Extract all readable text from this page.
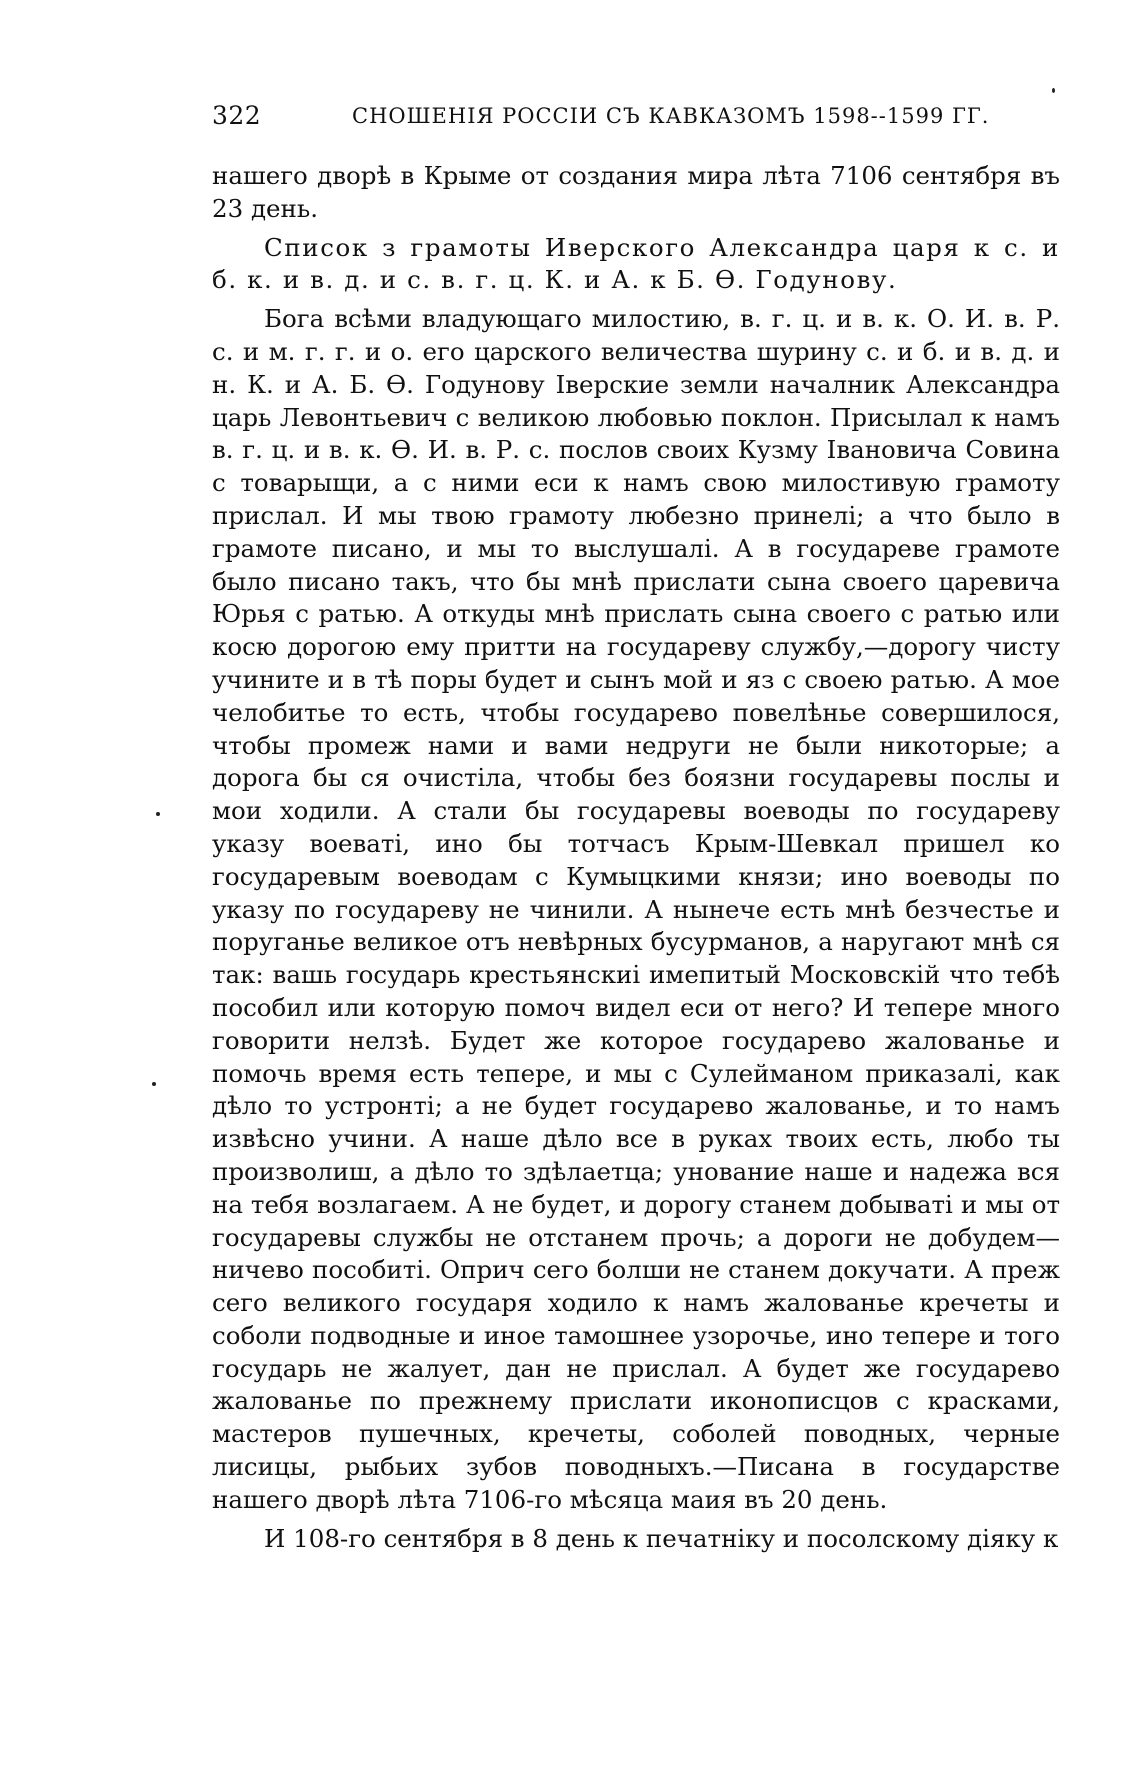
322	СНОШЕНІЯ РОССІИ СЪ КАВКАЗОМЪ 1598--1599 ГГ.

нашего дворѣ в Крыме от создания мира лѣта 7106 сентября въ 23 день.

Список з грамоты Иверского Александра царя к с. и б. к. и в. д. и с. в. г. ц. К. и А. к Б. Ѳ. Годунову.

Бога всѣми владующаго милостию, в. г. ц. и в. к. О. И. в. Р. с. и м. г. г. и о. его царского величества шурину с. и б. и в. д. и н. К. и А. Б. Ѳ. Годунову Іверские земли началник Александра царь Левонтьевич с великою любовью поклон. Присылал к намъ в. г. ц. и в. к. Ѳ. И. в. Р. с. послов своих Кузму Івановича Совина с товарыщи, а с ними еси к намъ свою милостивую грамоту прислал. И мы твою грамоту любезно принелі; а что было в грамоте писано, и мы то выслушалі. А в государеве грамоте было писано такъ, что бы мнѣ прислати сына своего царевича Юрья с ратью. А откуды мнѣ прислать сына своего с ратью или косю дорогою ему притти на государеву службу,—дорогу чисту учините и в тѣ поры будет и сынъ мой и яз с своею ратью. А мое челобитье то есть, чтобы государево повелѣнье совершилося, чтобы промеж нами и вами недруги не были никоторые; а дорога бы ся очистіла, чтобы без боязни государевы послы и мои ходили. А стали бы государевы воеводы по государеву указу воеваті, ино бы тотчасъ Крым-Шевкал пришел ко государевым воеводам с Кумыцкими князи; ино воеводы по указу по государеву не чинили. А нынече есть мнѣ безчестье и поруганье великое отъ невѣрных бусурманов, а наругают мнѣ ся так: вашь государь крестьянскиі имепитый Московскій что тебѣ пособил или которую помоч видел еси от него? И тепере много говорити нелзѣ. Будет же которое государево жалованье и помочь время есть тепере, и мы с Сулейманом приказалі, как дѣло то устронті; а не будет государево жалованье, и то намъ извѣсно учини. А наше дѣло все в руках твоих есть, любо ты произволиш, а дѣло то здѣлаетца; унование наше и надежа вся на тебя возлагаем. А не будет, и дорогу станем добываті и мы от государевы службы не отстанем прочь; а дороги не добудем—ничево пособиті. Оприч сего болши не станем докучати. А преж сего великого государя ходило к намъ жалованье кречеты и соболи подводные и иное тамошнее узорочье, ино тепере и того государь не жалует, дан не прислал. А будет же государево жалованье по прежнему прислати иконописцов с красками, мастеров пушечных, кречеты, соболей поводных, черные лисицы, рыбьих зубов поводныхъ.—Писана в государстве нашего дворѣ лѣта 7106-го мѣсяца маия въ 20 день.

И 108-го сентября в 8 день к печатніку и посолскому діяку к
